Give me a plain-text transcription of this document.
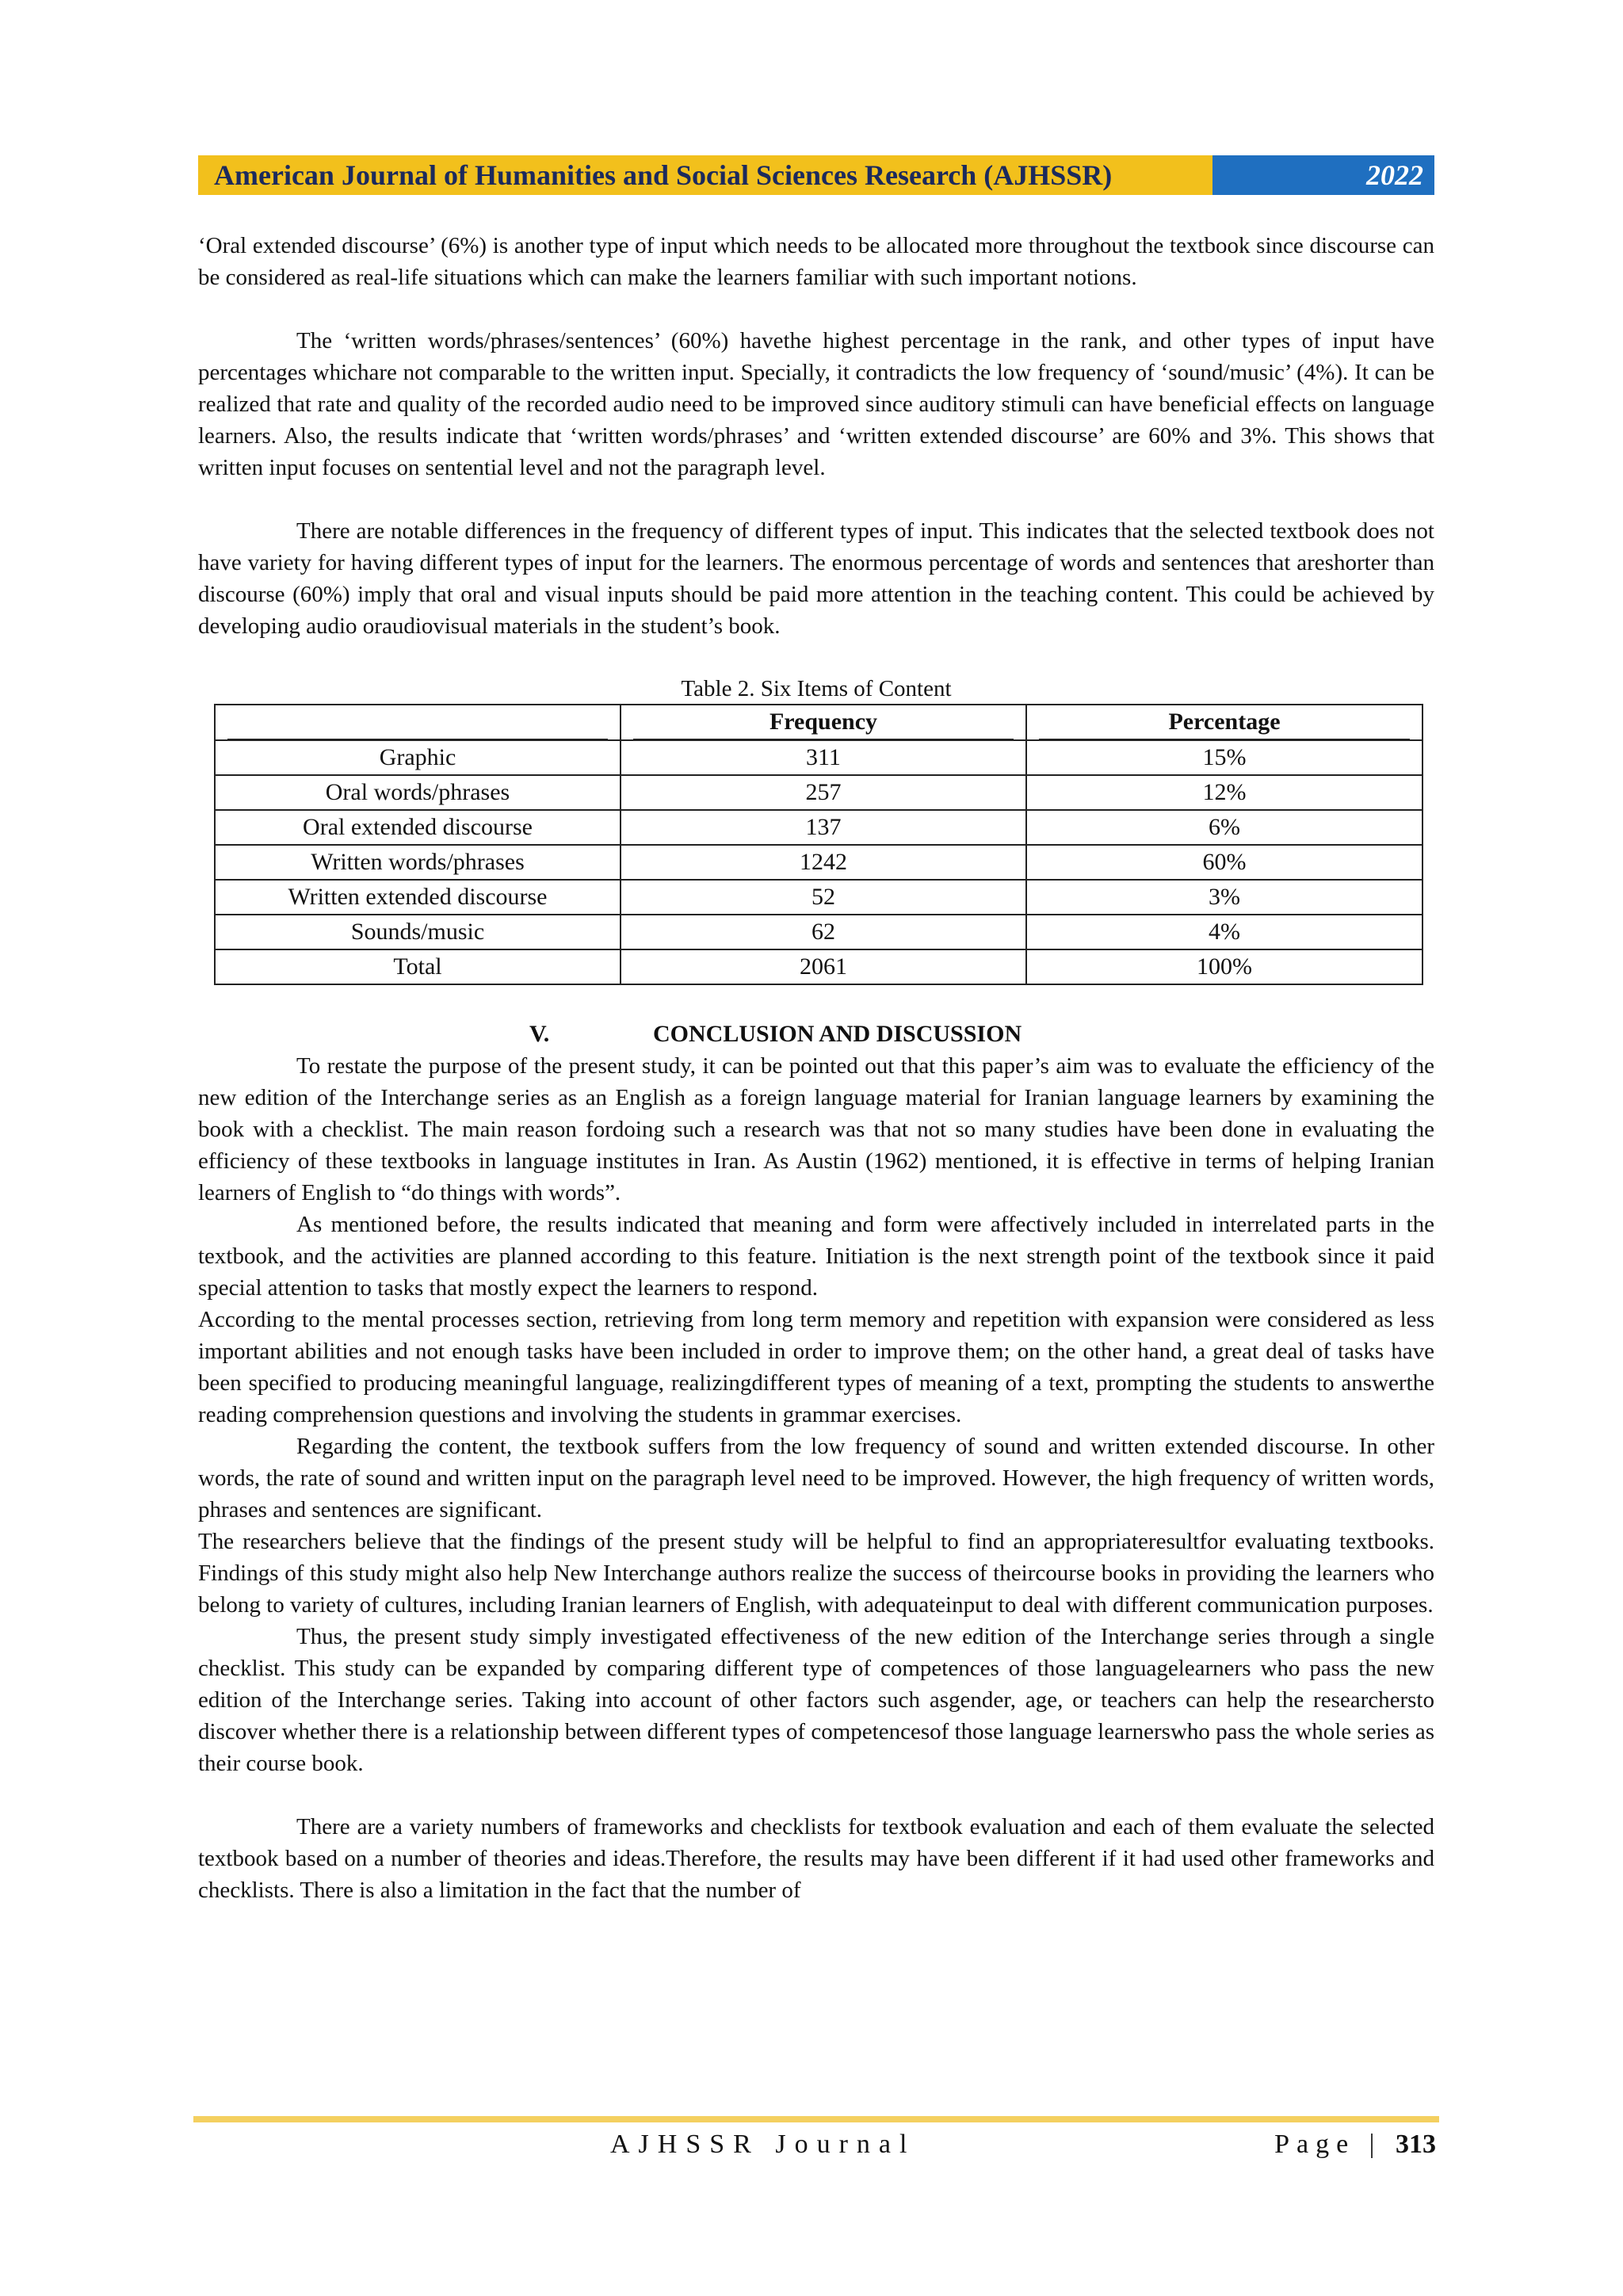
American Journal of Humanities and Social Sciences Research (AJHSSR)	2022

‘Oral extended discourse’ (6%) is another type of input which needs to be allocated more throughout the textbook since discourse can be considered as real-life situations which can make the learners familiar with such important notions.

The ‘written words/phrases/sentences’ (60%) havethe highest percentage in the rank, and other types of input have percentages whichare not comparable to the written input. Specially, it contradicts the low frequency of ‘sound/music’ (4%). It can be realized that rate and quality of the recorded audio need to be improved since auditory stimuli can have beneficial effects on language learners. Also, the results indicate that ‘written words/phrases’ and ‘written extended discourse’ are 60% and 3%. This shows that written input focuses on sentential level and not the paragraph level.

There are notable differences in the frequency of different types of input. This indicates that the selected textbook does not have variety for having different types of input for the learners. The enormous percentage of words and sentences that areshorter than discourse (60%) imply that oral and visual inputs should be paid more attention in the teaching content. This could be achieved by developing audio oraudiovisual materials in the student’s book.

Table 2. Six Items of Content
	Frequency	Percentage
Graphic	311	15%
Oral words/phrases	257	12%
Oral extended discourse	137	6%
Written words/phrases	1242	60%
Written extended discourse	52	3%
Sounds/music	62	4%
Total	2061	100%
V.	CONCLUSION AND DISCUSSION

To restate the purpose of the present study, it can be pointed out that this paper’s aim was to evaluate the efficiency of the new edition of the Interchange series as an English as a foreign language material for Iranian language learners by examining the book with a checklist. The main reason fordoing such a research was that not so many studies have been done in evaluating the efficiency of these textbooks in language institutes in Iran. As Austin (1962) mentioned, it is effective in terms of helping Iranian learners of English to “do things with words”.

As mentioned before, the results indicated that meaning and form were affectively included in interrelated parts in the textbook, and the activities are planned according to this feature. Initiation is the next strength point of the textbook since it paid special attention to tasks that mostly expect the learners to respond.

According to the mental processes section, retrieving from long term memory and repetition with expansion were considered as less important abilities and not enough tasks have been included in order to improve them; on the other hand, a great deal of tasks have been specified to producing meaningful language, realizingdifferent types of meaning of a text, prompting the students to answerthe reading comprehension questions and involving the students in grammar exercises.

Regarding the content, the textbook suffers from the low frequency of sound and written extended discourse. In other words, the rate of sound and written input on the paragraph level need to be improved. However, the high frequency of written words, phrases and sentences are significant.

The researchers believe that the findings of the present study will be helpful to find an appropriateresultfor evaluating textbooks. Findings of this study might also help New Interchange authors realize the success of theircourse books in providing the learners who belong to variety of cultures, including Iranian learners of English, with adequateinput to deal with different communication purposes.

Thus, the present study simply investigated effectiveness of the new edition of the Interchange series through a single checklist. This study can be expanded by comparing different type of competences of those languagelearners who pass the new edition of the Interchange series. Taking into account of other factors such asgender, age, or teachers can help the researchersto discover whether there is a relationship between different types of competencesof those language learnerswho pass the whole series as their course book.

There are a variety numbers of frameworks and checklists for textbook evaluation and each of them evaluate the selected textbook based on a number of theories and ideas.Therefore, the results may have been different if it had used other frameworks and checklists. There is also a limitation in the fact that the number of

AJHSSR Journal	Page | 313
